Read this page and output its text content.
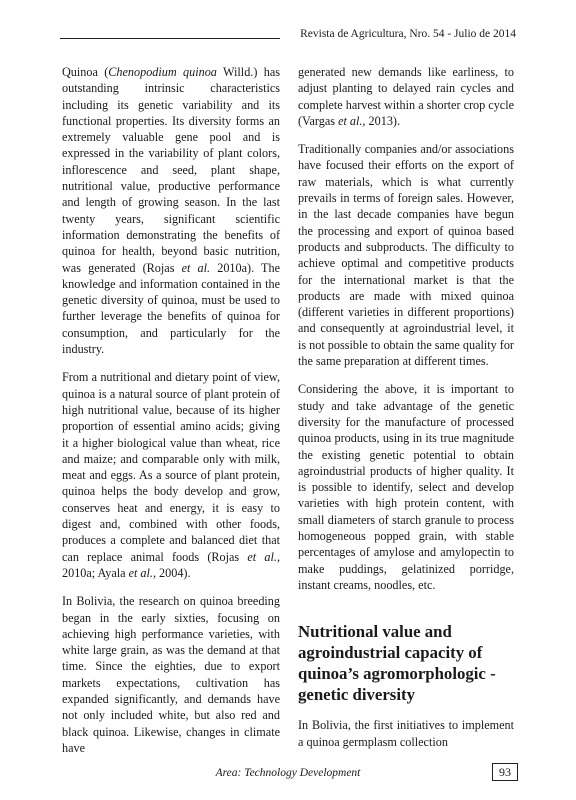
Revista de Agricultura, Nro. 54 - Julio de 2014

Quinoa (Chenopodium quinoa Willd.) has outstanding intrinsic characteristics including its genetic variability and its functional properties. Its diversity forms an extremely valuable gene pool and is expressed in the variability of plant colors, inflorescence and seed, plant shape, nutritional value, productive performance and length of growing season. In the last twenty years, significant scientific information demonstrating the benefits of quinoa for health, beyond basic nutrition, was generated (Rojas et al. 2010a). The knowledge and information contained in the genetic diversity of quinoa, must be used to further leverage the benefits of quinoa for consumption, and particularly for the industry.

From a nutritional and dietary point of view, quinoa is a natural source of plant protein of high nutritional value, because of its higher proportion of essential amino acids; giving it a higher biological value than wheat, rice and maize; and comparable only with milk, meat and eggs. As a source of plant protein, quinoa helps the body develop and grow, conserves heat and energy, it is easy to digest and, combined with other foods, produces a complete and balanced diet that can replace animal foods (Rojas et al., 2010a; Ayala et al., 2004).

In Bolivia, the research on quinoa breeding began in the early sixties, focusing on achieving high performance varieties, with white large grain, as was the demand at that time. Since the eighties, due to export markets expectations, cultivation has expanded significantly, and demands have not only included white, but also red and black quinoa. Likewise, changes in climate have

generated new demands like earliness, to adjust planting to delayed rain cycles and complete harvest within a shorter crop cycle (Vargas et al., 2013).

Traditionally companies and/or associations have focused their efforts on the export of raw materials, which is what currently prevails in terms of foreign sales. However, in the last decade companies have begun the processing and export of quinoa based products and subproducts. The difficulty to achieve optimal and competitive products for the international market is that the products are made with mixed quinoa (different varieties in different proportions) and consequently at agroindustrial level, it is not possible to obtain the same quality for the same preparation at different times.

Considering the above, it is important to study and take advantage of the genetic diversity for the manufacture of processed quinoa products, using in its true magnitude the existing genetic potential to obtain agroindustrial products of higher quality. It is possible to identify, select and develop varieties with high protein content, with small diameters of starch granule to process homogeneous popped grain, with stable percentages of amylose and amylopectin to make puddings, gelatinized porridge, instant creams, noodles, etc.

Nutritional value and agroindustrial capacity of quinoa’s agromorphologic - genetic diversity

In Bolivia, the first initiatives to implement a quinoa germplasm collection

Area: Technology Development	93
